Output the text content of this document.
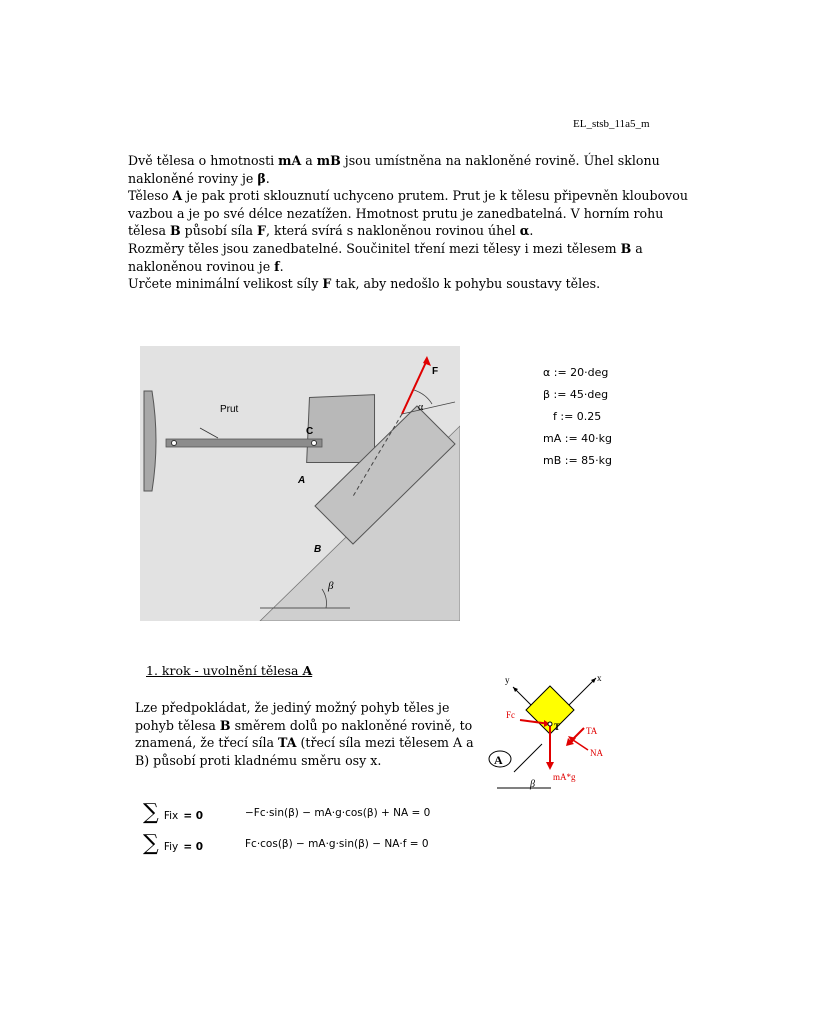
EL_stsb_11a5_m

Dvě tělesa o hmotnosti mA a mB jsou umístněna na nakloněné rovině. Úhel sklonu nakloněné roviny je β.

Těleso A je pak proti sklouznutí uchyceno prutem. Prut je k tělesu připevněn kloubovou vazbou a je po své délce nezatížen. Hmotnost prutu je zanedbatelná. V horním rohu tělesa B působí síla F, která svírá s nakloněnou rovinou úhel α.

Rozměry těles jsou zanedbatelné. Součinitel tření mezi tělesy i mezi tělesem B a nakloněnou rovinou je f.

Určete minimální velikost síly F tak, aby nedošlo k pohybu soustavy těles.

Prut
C
A
B
F
α
β
α := 20·deg
β := 45·deg
f := 0.25
mA := 40·kg
mB := 85·kg
1. krok - uvolnění tělesa A
Lze předpokládat, že jediný možný pohyb těles je pohyb tělesa B směrem dolů po nakloněné rovině, to znamená, že třecí síla TA (třecí síla mezi tělesem A a B) působí proti kladnému směru osy x.	A
y	x
Fc
T	TA
NA
mA*g
β
∑ Fix = 0	−Fc·sin(β) − mA·g·cos(β) + NA = 0
∑ Fiy = 0	Fc·cos(β) − mA·g·sin(β) − NA·f = 0
